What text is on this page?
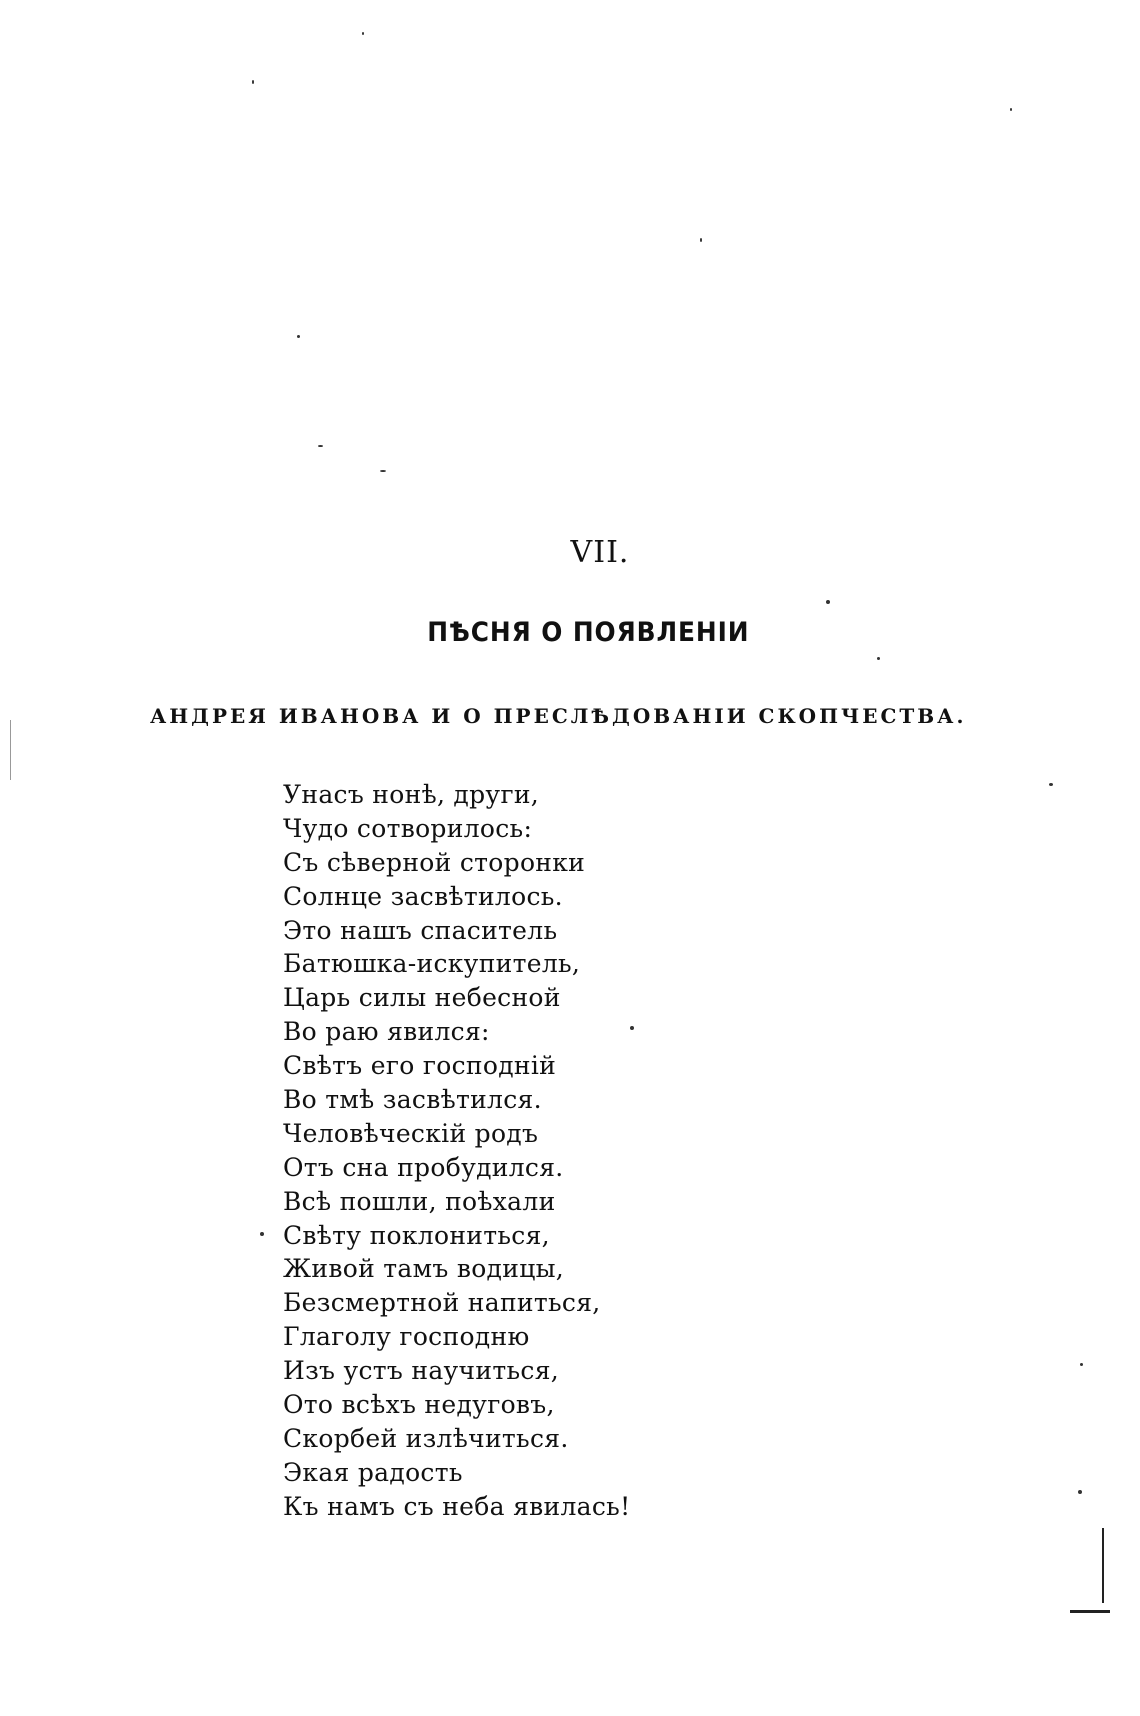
VII.
ПѢСНЯ О ПОЯВЛЕНІИ
АНДРЕЯ ИВАНОВА И О ПРЕСЛѢДОВАНІИ СКОПЧЕСТВА.
Унасъ нонѣ, други,
Чудо сотворилось:
Съ сѣверной сторонки
Солнце засвѣтилось.
Это нашъ спаситель
Батюшка-искупитель,
Царь силы небесной
Во раю явился:
Свѣтъ его господній
Во тмѣ засвѣтился.
Человѣческій родъ
Отъ сна пробудился.
Всѣ пошли, поѣхали
Свѣту поклониться,
Живой тамъ водицы,
Безсмертной напиться,
Глаголу господню
Изъ устъ научиться,
Ото всѣхъ недуговъ,
Скорбей излѣчиться.
Экая радость
Къ намъ съ неба явилась!
